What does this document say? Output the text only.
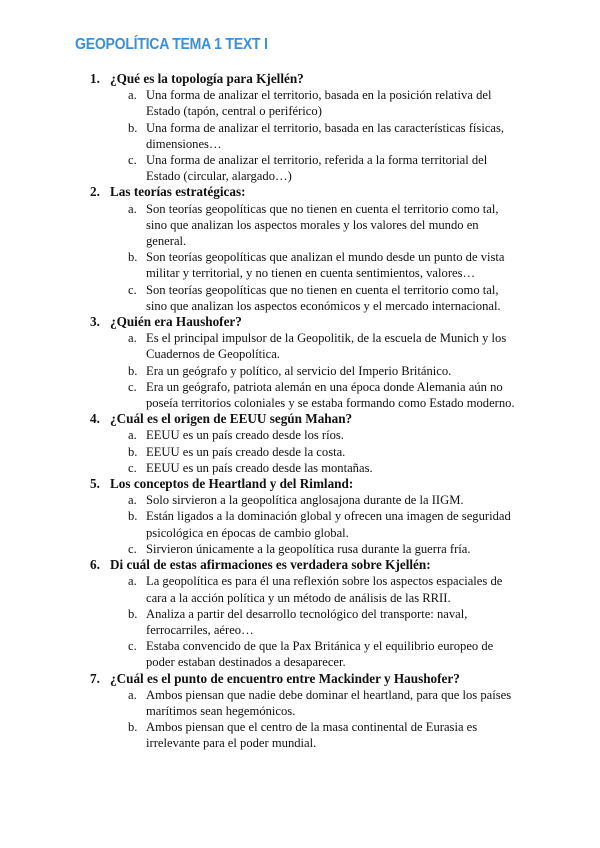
GEOPOLÍTICA TEMA 1 TEXT I
1. ¿Qué es la topología para Kjellén?
a. Una forma de analizar el territorio, basada en la posición relativa del Estado (tapón, central o periférico)
b. Una forma de analizar el territorio, basada en las características físicas, dimensiones…
c. Una forma de analizar el territorio, referida a la forma territorial del Estado (circular, alargado…)
2. Las teorías estratégicas:
a. Son teorías geopolíticas que no tienen en cuenta el territorio como tal, sino que analizan los aspectos morales y los valores del mundo en general.
b. Son teorías geopolíticas que analizan el mundo desde un punto de vista militar y territorial, y no tienen en cuenta sentimientos, valores…
c. Son teorías geopolíticas que no tienen en cuenta el territorio como tal, sino que analizan los aspectos económicos y el mercado internacional.
3. ¿Quién era Haushofer?
a. Es el principal impulsor de la Geopolitik, de la escuela de Munich y los Cuadernos de Geopolítica.
b. Era un geógrafo y político, al servicio del Imperio Británico.
c. Era un geógrafo, patriota alemán en una época donde Alemania aún no poseía territorios coloniales y se estaba formando como Estado moderno.
4. ¿Cuál es el origen de EEUU según Mahan?
a. EEUU es un país creado desde los ríos.
b. EEUU es un país creado desde la costa.
c. EEUU es un país creado desde las montañas.
5. Los conceptos de Heartland y del Rimland:
a. Solo sirvieron a la geopolítica anglosajona durante de la IIGM.
b. Están ligados a la dominación global y ofrecen una imagen de seguridad psicológica en épocas de cambio global.
c. Sirvieron únicamente a la geopolítica rusa durante la guerra fría.
6. Di cuál de estas afirmaciones es verdadera sobre Kjellén:
a. La geopolítica es para él una reflexión sobre los aspectos espaciales de cara a la acción política y un método de análisis de las RRII.
b. Analiza a partir del desarrollo tecnológico del transporte: naval, ferrocarriles, aéreo…
c. Estaba convencido de que la Pax Británica y el equilibrio europeo de poder estaban destinados a desaparecer.
7. ¿Cuál es el punto de encuentro entre Mackinder y Haushofer?
a. Ambos piensan que nadie debe dominar el heartland, para que los países marítimos sean hegemónicos.
b. Ambos piensan que el centro de la masa continental de Eurasia es irrelevante para el poder mundial.
